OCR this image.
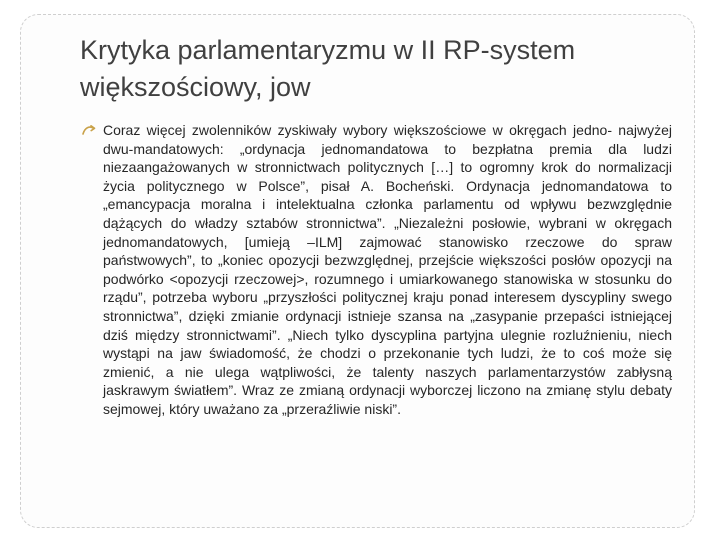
Krytyka parlamentaryzmu w II RP-system większościowy, jow

Coraz więcej zwolenników zyskiwały wybory większościowe w okręgach jedno- najwyżej dwu-mandatowych: „ordynacja jednomandatowa to bezpłatna premia dla ludzi niezaangażowanych w stronnictwach politycznych […] to ogromny krok do normalizacji życia politycznego w Polsce”, pisał A. Bocheński. Ordynacja jednomandatowa to „emancypacja moralna i intelektualna członka parlamentu od wpływu bezwzględnie dążących do władzy sztabów stronnictwa”. „Niezależni posłowie, wybrani w okręgach jednomandatowych, [umieją –ILM] zajmować stanowisko rzeczowe do spraw państwowych”, to „koniec opozycji bezwzględnej, przejście większości posłów opozycji na podwórko <opozycji rzeczowej>, rozumnego i umiarkowanego stanowiska w stosunku do rządu”, potrzeba wyboru „przyszłości politycznej kraju ponad interesem dyscypliny swego stronnictwa”, dzięki zmianie ordynacji istnieje szansa na „zasypanie przepaści istniejącej dziś między stronnictwami”. „Niech tylko dyscyplina partyjna ulegnie rozluźnieniu, niech wystąpi na jaw świadomość, że chodzi o przekonanie tych ludzi, że to coś może się zmienić, a nie ulega wątpliwości, że talenty naszych parlamentarzystów zabłysną jaskrawym światłem”. Wraz ze zmianą ordynacji wyborczej liczono na zmianę stylu debaty sejmowej, który uważano za „przeraźliwie niski”.
